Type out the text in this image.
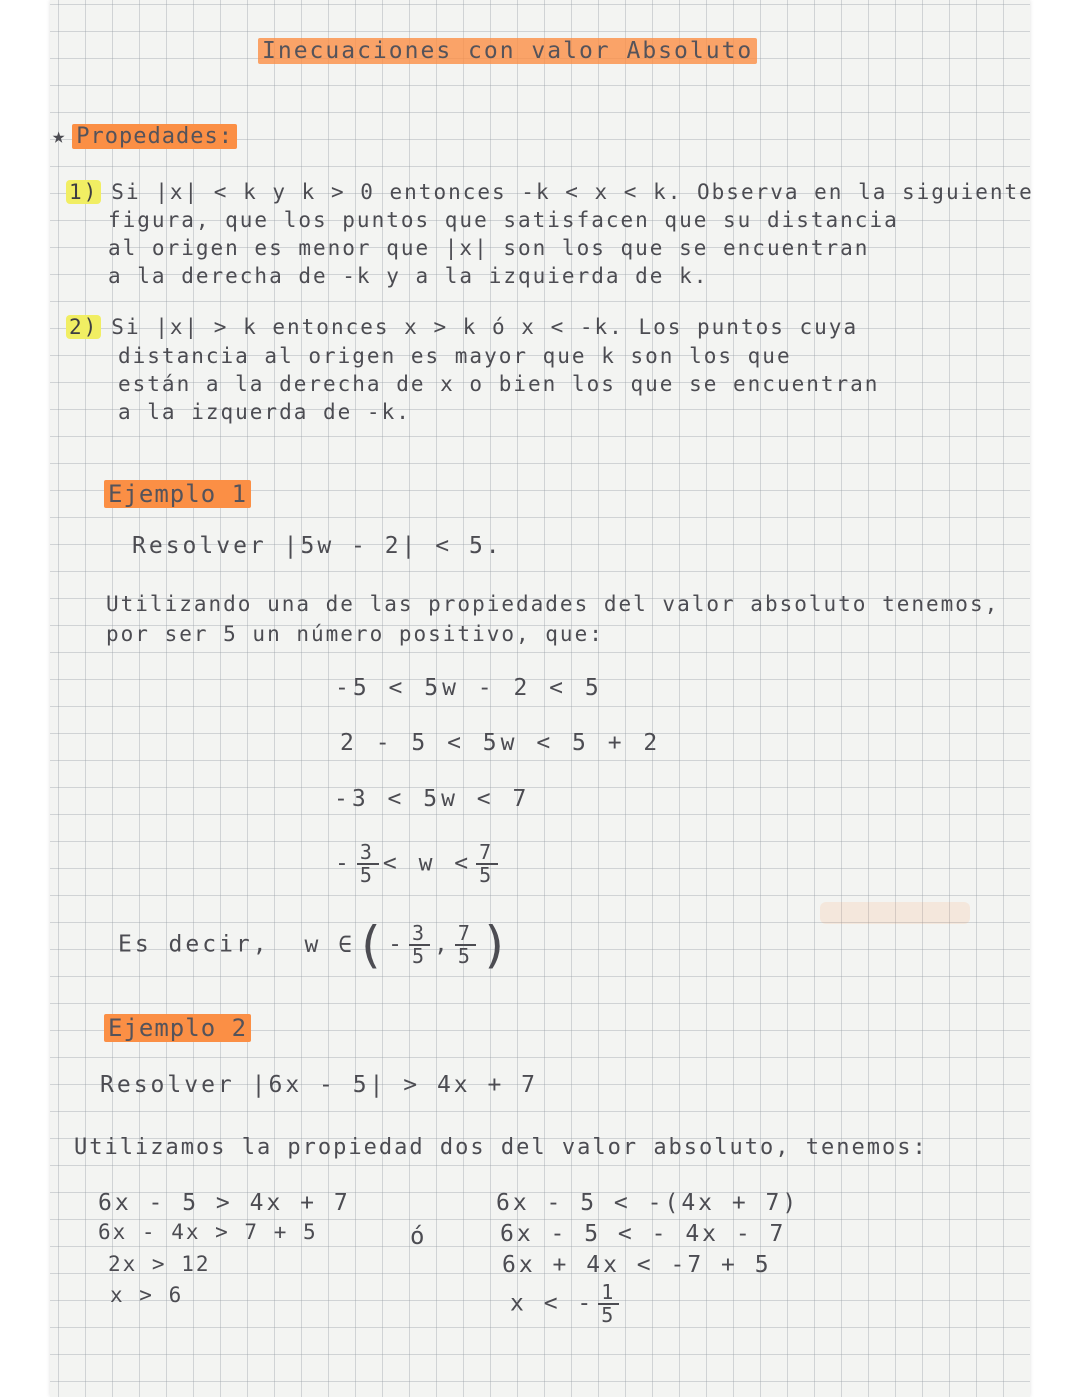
Inecuaciones con valor Absoluto
★ Propedades:
1) Si |x| < k y k > 0 entonces -k < x < k. Observa en la siguiente
figura, que los puntos que satisfacen que su distancia
al origen es menor que |x| son los que se encuentran
a la derecha de -k y a la izquierda de k.
2) Si |x| > k entonces x > k ó x < -k. Los puntos cuya
distancia al origen es mayor que k son los que
están a la derecha de x o bien los que se encuentran
a la izquerda de -k.
Ejemplo 1
Resolver |5w - 2| < 5.
Utilizando una de las propiedades del valor absoluto tenemos,
por ser 5 un número positivo, que:
-5 < 5w - 2 < 5
2 - 5 < 5w < 5 + 2
-3 < 5w < 7
- $\frac{3}{5} < w < \frac{7}{5}$
Es decir, w ∈(- $\frac{3}{5}$ , $\frac{7}{5}$ )
Ejemplo 2
Resolver |6x - 5| > 4x + 7
Utilizamos la propiedad dos del valor absoluto, tenemos:
6x - 5 > 4x + 7
6x - 4x > 7 + 5
2x > 12
x > 6
ó
6x - 5 < -(4x + 7)
6x - 5 < - 4x - 7
6x + 4x < -7 + 5
x < - $\frac{1}{5}$
